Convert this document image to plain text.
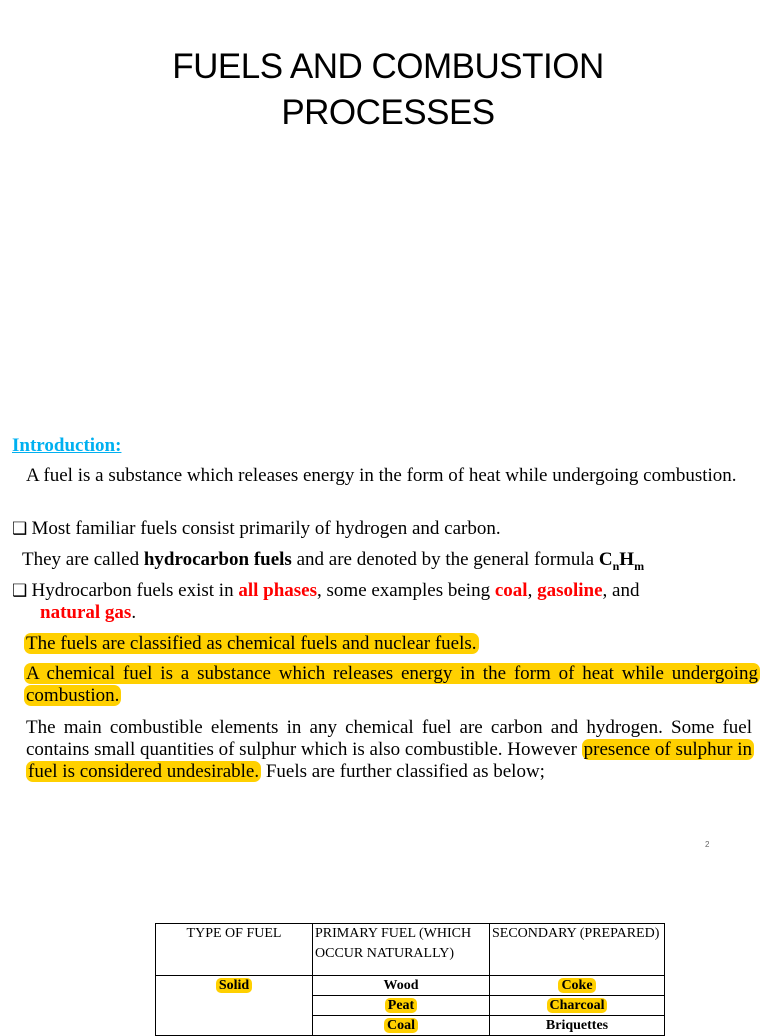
FUELS AND COMBUSTION
PROCESSES
Introduction:
A fuel is a substance which releases energy in the form of heat while undergoing combustion.
❑ Most familiar fuels consist primarily of hydrogen and carbon.
They are called hydrocarbon fuels and are denoted by the general formula $C_nH_m$
❑ Hydrocarbon fuels exist in all phases, some examples being coal, gasoline, and
natural gas.
The fuels are classified as chemical fuels and nuclear fuels.
A chemical fuel is a substance which releases energy in the form of heat while undergoing combustion.
The main combustible elements in any chemical fuel are carbon and hydrogen. Some fuel contains small quantities of sulphur which is also combustible. However presence of sulphur in fuel is considered undesirable. Fuels are further classified as below;
2
TYPE OF FUEL	PRIMARY FUEL (WHICH OCCUR NATURALLY)	SECONDARY (PREPARED)
Solid	Wood	Coke
	Peat	Charcoal
	Coal	Briquettes
